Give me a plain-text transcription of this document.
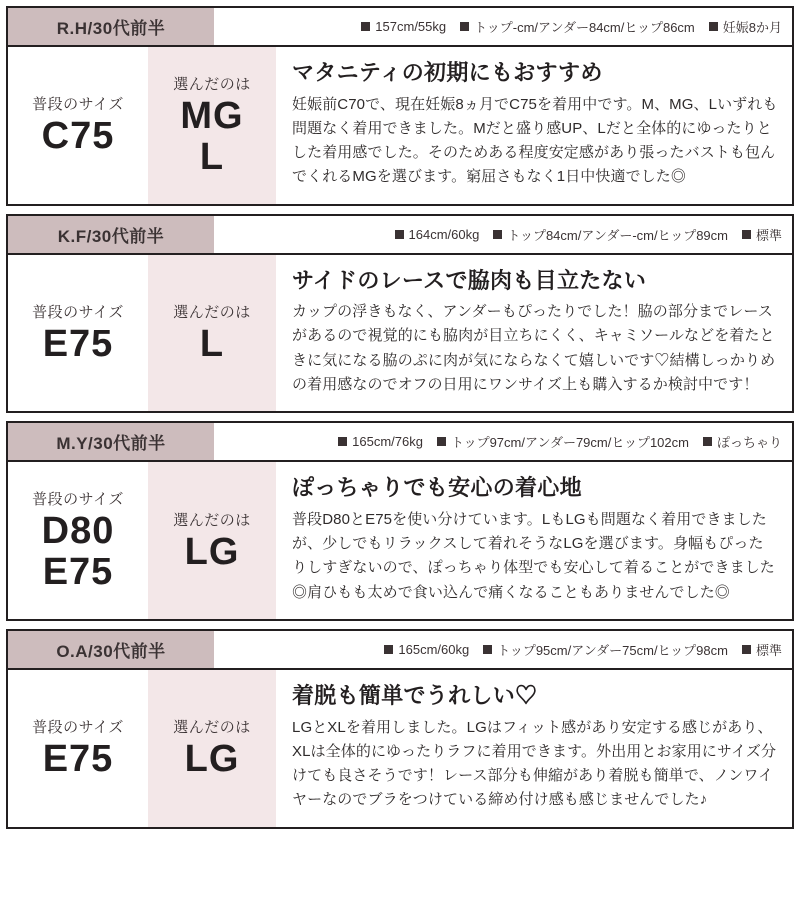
R.H/30代前半	157cm/55kg トップ-cm/アンダー84cm/ヒップ86cm 妊娠8か月
普段のサイズ
C75
選んだのは
MG
L
マタニティの初期にもおすすめ

妊娠前C70で、現在妊娠8ヵ月でC75を着用中です。M、MG、Lいずれも問題なく着用できました。Mだと盛り感UP、Lだと全体的にゆったりとした着用感でした。そのためある程度安定感があり張ったバストも包んでくれるMGを選びます。窮屈さもなく1日中快適でした◎

K.F/30代前半	164cm/60kg トップ84cm/アンダー-cm/ヒップ89cm 標準
普段のサイズ
E75
選んだのは
L
サイドのレースで脇肉も目立たない

カップの浮きもなく、アンダーもぴったりでした！脇の部分までレースがあるので視覚的にも脇肉が目立ちにくく、キャミソールなどを着たときに気になる脇のぷに肉が気にならなくて嬉しいです♡結構しっかりめの着用感なのでオフの日用にワンサイズ上も購入するか検討中です！

M.Y/30代前半	165cm/76kg トップ97cm/アンダー79cm/ヒップ102cm ぽっちゃり
普段のサイズ
D80
E75
選んだのは
LG
ぽっちゃりでも安心の着心地

普段D80とE75を使い分けています。LもLGも問題なく着用できましたが、少しでもリラックスして着れそうなLGを選びます。身幅もぴったりしすぎないので、ぽっちゃり体型でも安心して着ることができました◎肩ひもも太めで食い込んで痛くなることもありませんでした◎

O.A/30代前半	165cm/60kg トップ95cm/アンダー75cm/ヒップ98cm 標準
普段のサイズ
E75
選んだのは
LG
着脱も簡単でうれしい♡

LGとXLを着用しました。LGはフィット感があり安定する感じがあり、XLは全体的にゆったりラフに着用できます。外出用とお家用にサイズ分けても良さそうです！レース部分も伸縮があり着脱も簡単で、ノンワイヤーなのでブラをつけている締め付け感も感じませんでした♪
